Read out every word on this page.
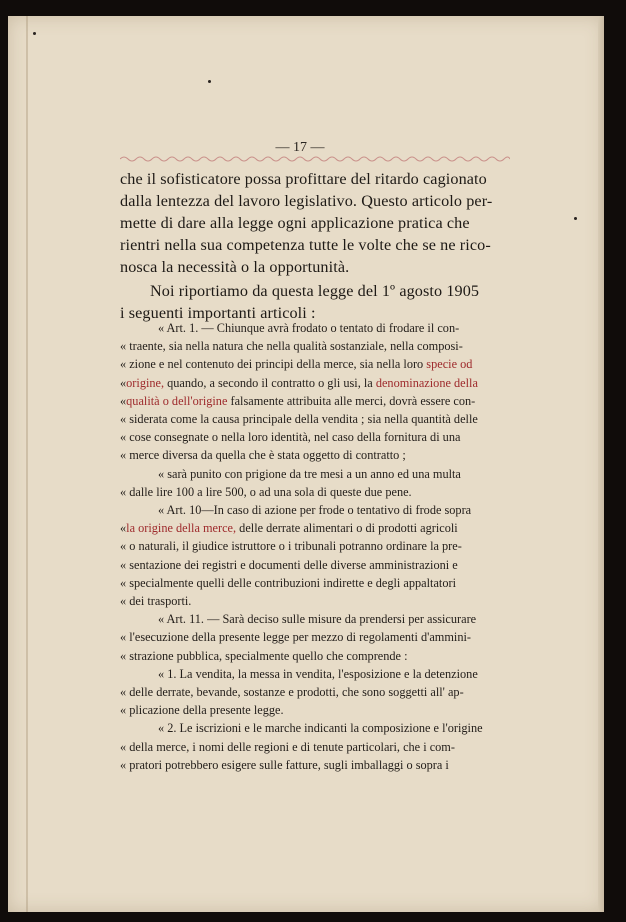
— 17 —
che il sofisticatore possa profittare del ritardo cagionato
dalla lentezza del lavoro legislativo. Questo articolo per-
mette di dare alla legge ogni applicazione pratica che
rientri nella sua competenza tutte le volte che se ne rico-
nosca la necessità o la opportunità.
Noi riportiamo da questa legge del 1º agosto 1905
i seguenti importanti articoli :
« Art. 1. — Chiunque avrà frodato o tentato di frodare il con-
« traente, sia nella natura che nella qualità sostanziale, nella composi-
« zione e nel contenuto dei principi della merce, sia nella loro specie od
«origine, quando, a secondo il contratto o gli usi, la denominazione della
«qualità o dell'origine falsamente attribuita alle merci, dovrà essere con-
« siderata come la causa principale della vendita ; sia nella quantità delle
« cose consegnate o nella loro identità, nel caso della fornitura di una
« merce diversa da quella che è stata oggetto di contratto ;
« sarà punito con prigione da tre mesi a un anno ed una multa
« dalle lire 100 a lire 500, o ad una sola di queste due pene.
« Art. 10—In caso di azione per frode o tentativo di frode sopra
«la origine della merce, delle derrate alimentari o di prodotti agricoli
« o naturali, il giudice istruttore o i tribunali potranno ordinare la pre-
« sentazione dei registri e documenti delle diverse amministrazioni e
« specialmente quelli delle contribuzioni indirette e degli appaltatori
« dei trasporti.
« Art. 11. — Sarà deciso sulle misure da prendersi per assicurare
« l'esecuzione della presente legge per mezzo di regolamenti d'ammini-
« strazione pubblica, specialmente quello che comprende :
« 1. La vendita, la messa in vendita, l'esposizione e la detenzione
« delle derrate, bevande, sostanze e prodotti, che sono soggetti all' ap-
« plicazione della presente legge.
« 2. Le iscrizioni e le marche indicanti la composizione e l'origine
« della merce, i nomi delle regioni e di tenute particolari, che i com-
« pratori potrebbero esigere sulle fatture, sugli imballaggi o sopra i
